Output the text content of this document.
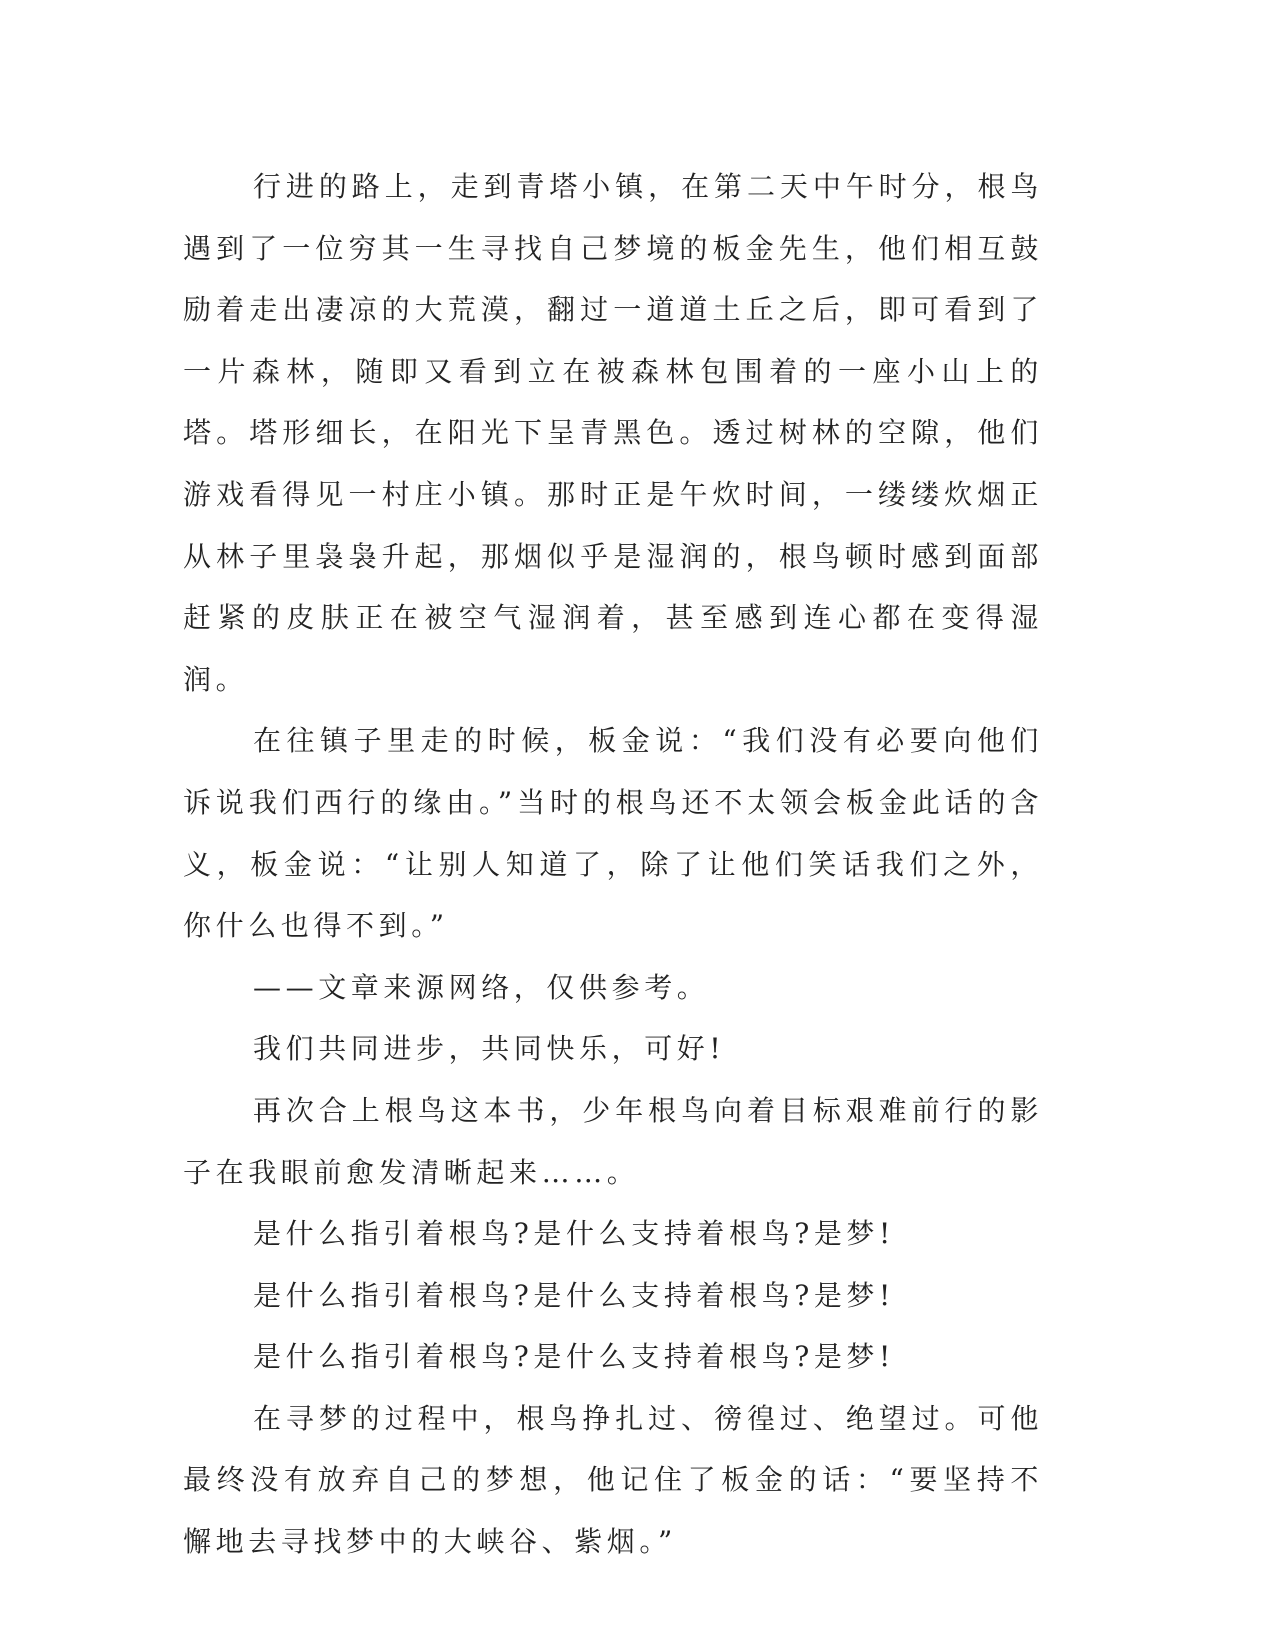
行进的路上，走到青塔小镇，在第二天中午时分，根鸟遇到了一位穷其一生寻找自己梦境的板金先生，他们相互鼓励着走出凄凉的大荒漠，翻过一道道土丘之后，即可看到了一片森林，随即又看到立在被森林包围着的一座小山上的塔。塔形细长，在阳光下呈青黑色。透过树林的空隙，他们游戏看得见一村庄小镇。那时正是午炊时间，一缕缕炊烟正从林子里袅袅升起，那烟似乎是湿润的，根鸟顿时感到面部赶紧的皮肤正在被空气湿润着，甚至感到连心都在变得湿润。

在往镇子里走的时候，板金说：“我们没有必要向他们诉说我们西行的缘由。”当时的根鸟还不太领会板金此话的含义，板金说：“让别人知道了，除了让他们笑话我们之外，你什么也得不到。”

——文章来源网络，仅供参考。

我们共同进步，共同快乐，可好!

再次合上根鸟这本书，少年根鸟向着目标艰难前行的影子在我眼前愈发清晰起来……。

是什么指引着根鸟?是什么支持着根鸟?是梦!

是什么指引着根鸟?是什么支持着根鸟?是梦!

是什么指引着根鸟?是什么支持着根鸟?是梦!

在寻梦的过程中，根鸟挣扎过、徬徨过、绝望过。可他最终没有放弃自己的梦想，他记住了板金的话：“要坚持不懈地去寻找梦中的大峡谷、紫烟。”
